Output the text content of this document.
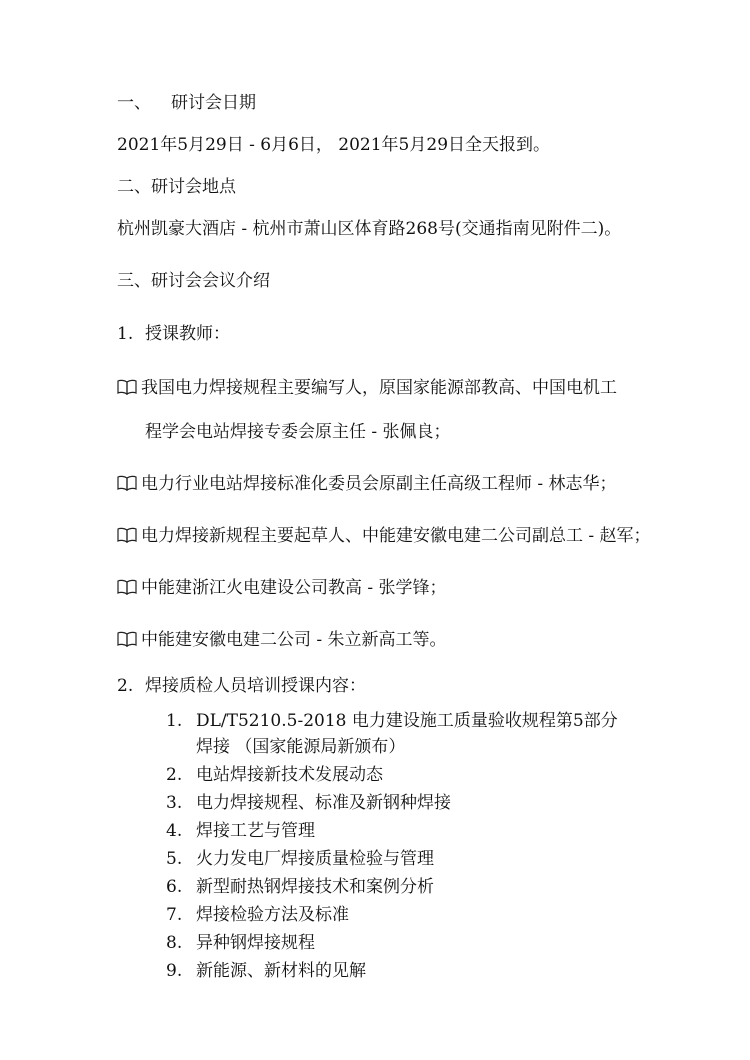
一、 研讨会日期

2021年5月29日 - 6月6日， 2021年5月29日全天报到。

二、研讨会地点

杭州凯豪大酒店 - 杭州市萧山区体育路268号(交通指南见附件二)。

三、研讨会会议介绍

1. 授课教师：

我国电力焊接规程主要编写人，原国家能源部教高、中国电机工

程学会电站焊接专委会原主任 - 张佩良；

电力行业电站焊接标准化委员会原副主任高级工程师 - 林志华；

电力焊接新规程主要起草人、中能建安徽电建二公司副总工 - 赵军；

中能建浙江火电建设公司教高 - 张学锋；

中能建安徽电建二公司 - 朱立新高工等。

2. 焊接质检人员培训授课内容：

1. DL/T5210.5-2018 电力建设施工质量验收规程第5部分

焊接 （国家能源局新颁布）

2. 电站焊接新技术发展动态

3. 电力焊接规程、标准及新钢种焊接

4. 焊接工艺与管理

5. 火力发电厂焊接质量检验与管理

6. 新型耐热钢焊接技术和案例分析

7. 焊接检验方法及标准

8. 异种钢焊接规程

9. 新能源、新材料的见解
